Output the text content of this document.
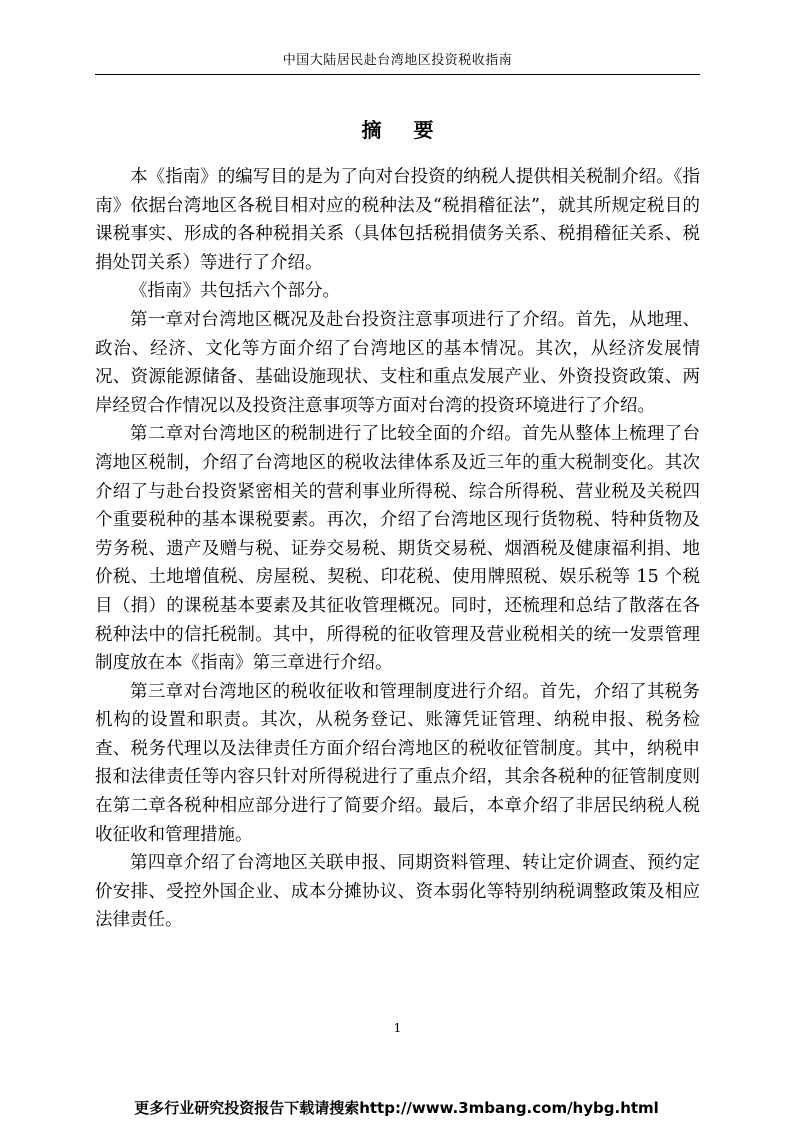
中国大陆居民赴台湾地区投资税收指南
摘要

本《指南》的编写目的是为了向对台投资的纳税人提供相关税制介绍。《指南》依据台湾地区各税目相对应的税种法及“税捐稽征法”，就其所规定税目的课税事实、形成的各种税捐关系（具体包括税捐债务关系、税捐稽征关系、税捐处罚关系）等进行了介绍。

《指南》共包括六个部分。

第一章对台湾地区概况及赴台投资注意事项进行了介绍。首先，从地理、政治、经济、文化等方面介绍了台湾地区的基本情况。其次，从经济发展情况、资源能源储备、基础设施现状、支柱和重点发展产业、外资投资政策、两岸经贸合作情况以及投资注意事项等方面对台湾的投资环境进行了介绍。

第二章对台湾地区的税制进行了比较全面的介绍。首先从整体上梳理了台湾地区税制，介绍了台湾地区的税收法律体系及近三年的重大税制变化。其次介绍了与赴台投资紧密相关的营利事业所得税、综合所得税、营业税及关税四个重要税种的基本课税要素。再次，介绍了台湾地区现行货物税、特种货物及劳务税、遗产及赠与税、证券交易税、期货交易税、烟酒税及健康福利捐、地价税、土地增值税、房屋税、契税、印花税、使用牌照税、娱乐税等 15 个税目（捐）的课税基本要素及其征收管理概况。同时，还梳理和总结了散落在各税种法中的信托税制。其中，所得税的征收管理及营业税相关的统一发票管理制度放在本《指南》第三章进行介绍。

第三章对台湾地区的税收征收和管理制度进行介绍。首先，介绍了其税务机构的设置和职责。其次，从税务登记、账簿凭证管理、纳税申报、税务检查、税务代理以及法律责任方面介绍台湾地区的税收征管制度。其中，纳税申报和法律责任等内容只针对所得税进行了重点介绍，其余各税种的征管制度则在第二章各税种相应部分进行了简要介绍。最后，本章介绍了非居民纳税人税收征收和管理措施。

第四章介绍了台湾地区关联申报、同期资料管理、转让定价调查、预约定价安排、受控外国企业、成本分摊协议、资本弱化等特别纳税调整政策及相应法律责任。

1
更多行业研究投资报告下载请搜索http://www.3mbang.com/hybg.html
